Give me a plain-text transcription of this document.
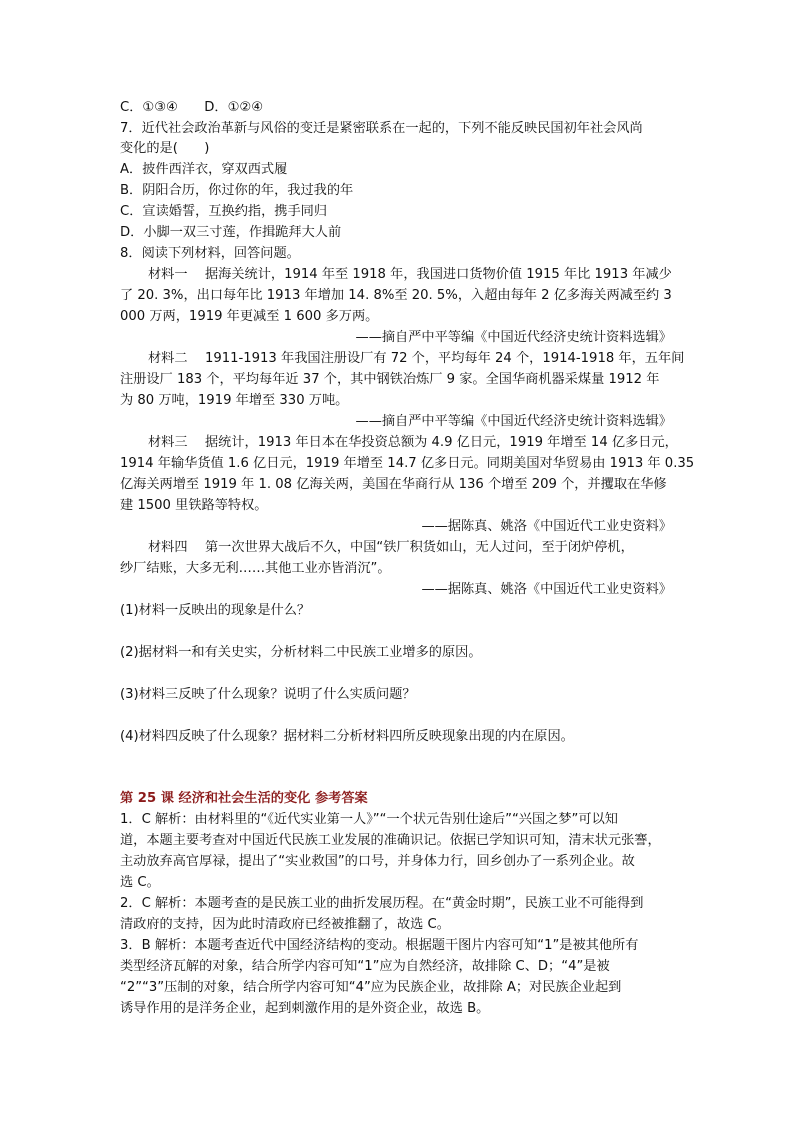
C．①③④　　D．①②④
7．近代社会政治革新与风俗的变迁是紧密联系在一起的，下列不能反映民国初年社会风尚
变化的是(　　)
A．披件西洋衣，穿双西式履
B．阴阳合历，你过你的年，我过我的年
C．宣读婚誓，互换约指，携手同归
D．小脚一双三寸莲，作揖跪拜大人前
8．阅读下列材料，回答问题。
材料一　 据海关统计，1914 年至 1918 年，我国进口货物价值 1915 年比 1913 年减少
了 20. 3%，出口每年比 1913 年增加 14. 8%至 20. 5%，入超由每年 2 亿多海关两减至约 3
000 万两，1919 年更减至 1 600 多万两。
——摘自严中平等编《中国近代经济史统计资料选辑》
材料二　 1911-1913 年我国注册设厂有 72 个，平均每年 24 个，1914-1918 年，五年间
注册设厂 183 个，平均每年近 37 个，其中钢铁冶炼厂 9 家。全国华商机器采煤量 1912 年
为 80 万吨，1919 年增至 330 万吨。
——摘自严中平等编《中国近代经济史统计资料选辑》
材料三　 据统计，1913 年日本在华投资总额为 4.9 亿日元，1919 年增至 14 亿多日元，
1914 年输华货值 1.6 亿日元，1919 年增至 14.7 亿多日元。同期美国对华贸易由 1913 年 0.35
亿海关两增至 1919 年 1. 08 亿海关两，美国在华商行从 136 个增至 209 个，并攫取在华修
建 1500 里铁路等特权。
——据陈真、姚洛《中国近代工业史资料》
材料四　 第一次世界大战后不久，中国“铁厂积货如山，无人过问，至于闭炉停机，
纱厂结账，大多无利……其他工业亦皆消沉”。
——据陈真、姚洛《中国近代工业史资料》
(1)材料一反映出的现象是什么？
(2)据材料一和有关史实，分析材料二中民族工业增多的原因。
(3)材料三反映了什么现象？说明了什么实质问题？
(4)材料四反映了什么现象？据材料二分析材料四所反映现象出现的内在原因。
第 25 课 经济和社会生活的变化 参考答案
1．C 解析：由材料里的“《近代实业第一人》”“一个状元告别仕途后”“兴国之梦”可以知
道，本题主要考查对中国近代民族工业发展的准确识记。依据已学知识可知，清末状元张謇，
主动放弃高官厚禄，提出了“实业救国”的口号，并身体力行，回乡创办了一系列企业。故
选 C。
2．C 解析：本题考查的是民族工业的曲折发展历程。在“黄金时期”，民族工业不可能得到
清政府的支持，因为此时清政府已经被推翻了，故选 C。
3．B 解析：本题考查近代中国经济结构的变动。根据题干图片内容可知“1”是被其他所有
类型经济瓦解的对象，结合所学内容可知“1”应为自然经济，故排除 C、D；“4”是被
“2”“3”压制的对象，结合所学内容可知“4”应为民族企业，故排除 A；对民族企业起到
诱导作用的是洋务企业，起到刺激作用的是外资企业，故选 B。
